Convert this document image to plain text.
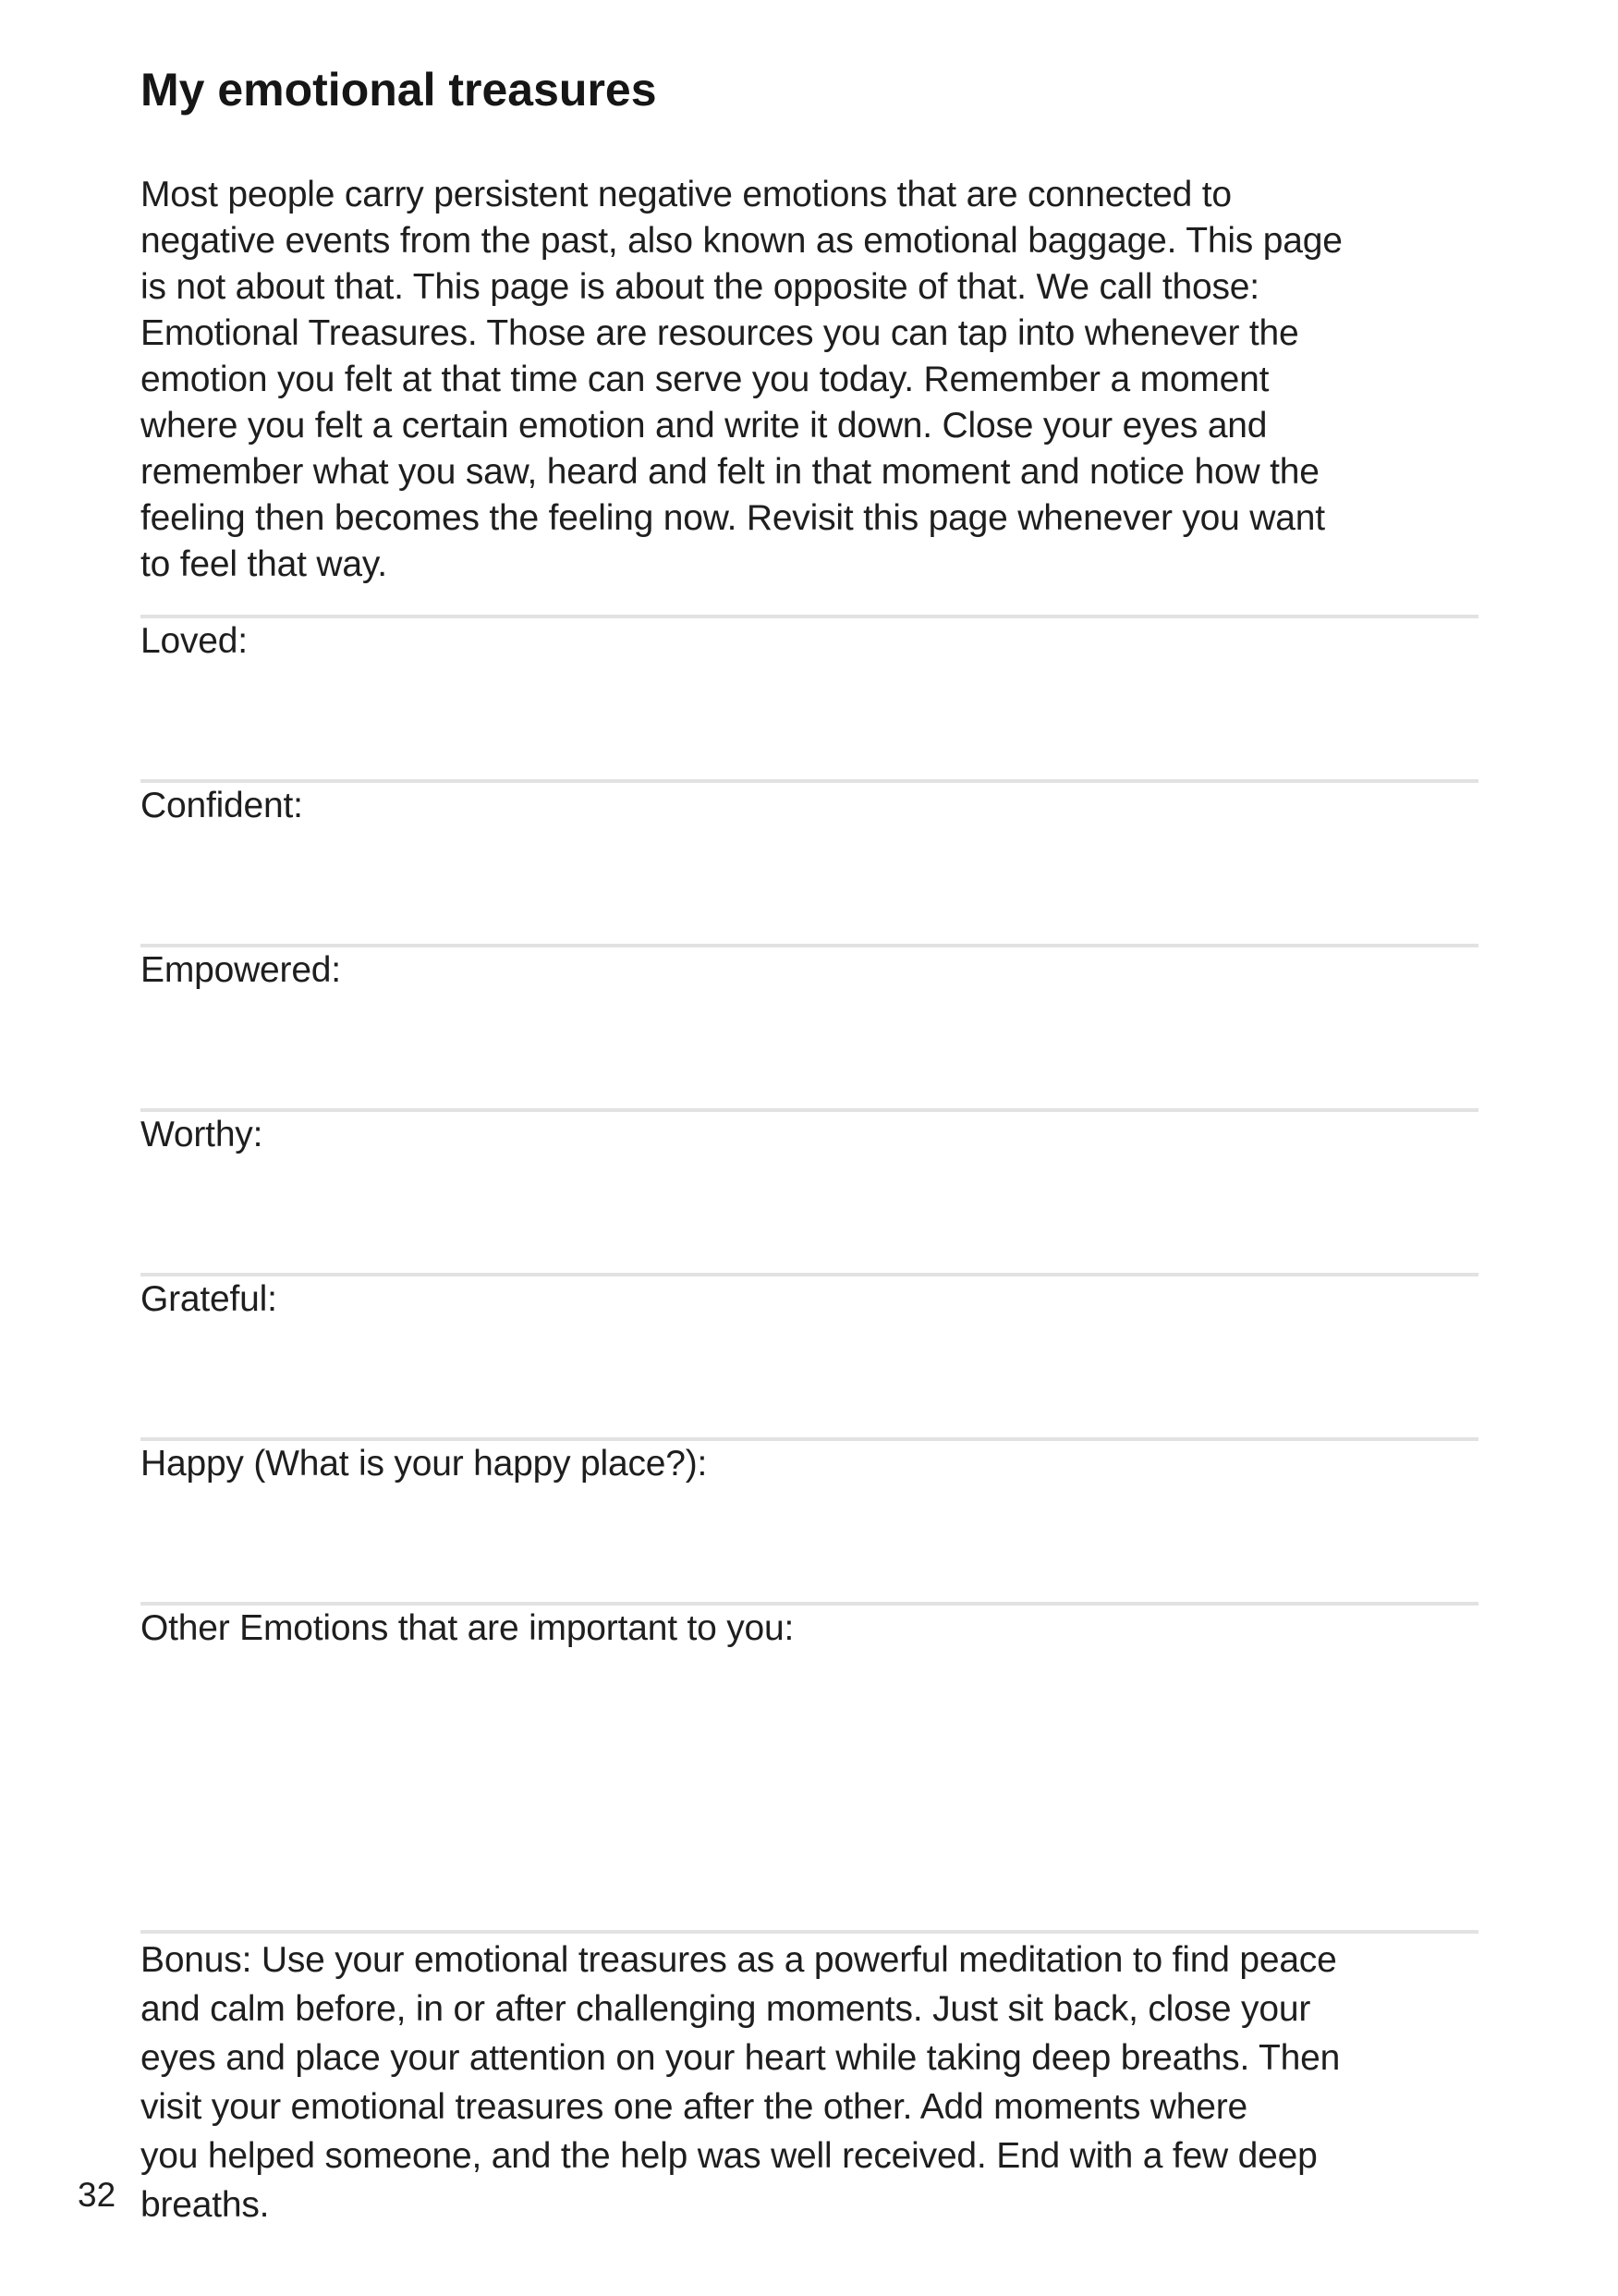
My emotional treasures
Most people carry persistent negative emotions that are connected to
negative events from the past, also known as emotional baggage. This page
is not about that. This page is about the opposite of that. We call those:
Emotional Treasures. Those are resources you can tap into whenever the
emotion you felt at that time can serve you today. Remember a moment
where you felt a certain emotion and write it down. Close your eyes and
remember what you saw, heard and felt in that moment and notice how the
feeling then becomes the feeling now. Revisit this page whenever you want
to feel that way.
Loved:
Confident:
Empowered:
Worthy:
Grateful:
Happy (What is your happy place?):
Other Emotions that are important to you:
Bonus: Use your emotional treasures as a powerful meditation to find peace
and calm before, in or after challenging moments. Just sit back, close your
eyes and place your attention on your heart while taking deep breaths. Then
visit your emotional treasures one after the other. Add moments where
you helped someone, and the help was well received. End with a few deep
breaths.
32
